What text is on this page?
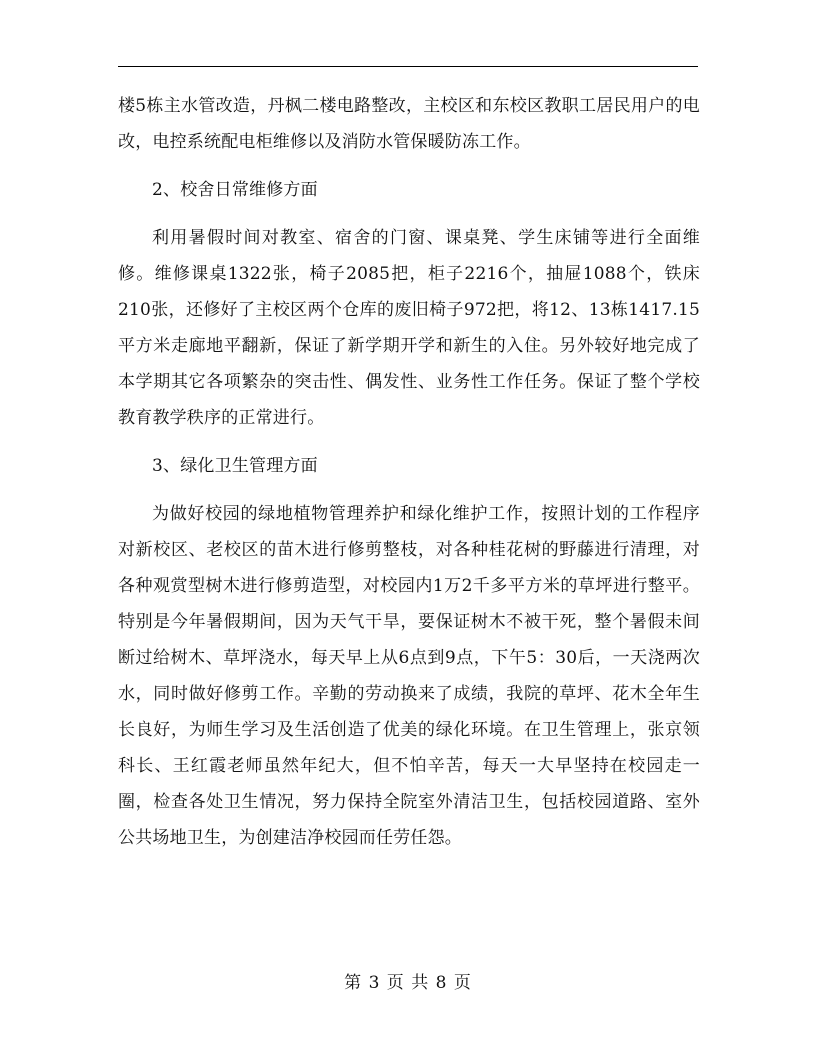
楼5栋主水管改造，丹枫二楼电路整改，主校区和东校区教职工居民用户的电改，电控系统配电柜维修以及消防水管保暖防冻工作。

2、校舍日常维修方面

利用暑假时间对教室、宿舍的门窗、课桌凳、学生床铺等进行全面维修。维修课桌1322张，椅子2085把，柜子2216个，抽屉1088个，铁床210张，还修好了主校区两个仓库的废旧椅子972把，将12、13栋1417.15平方米走廊地平翻新，保证了新学期开学和新生的入住。另外较好地完成了本学期其它各项繁杂的突击性、偶发性、业务性工作任务。保证了整个学校教育教学秩序的正常进行。

3、绿化卫生管理方面

为做好校园的绿地植物管理养护和绿化维护工作，按照计划的工作程序对新校区、老校区的苗木进行修剪整枝，对各种桂花树的野藤进行清理，对各种观赏型树木进行修剪造型，对校园内1万2千多平方米的草坪进行整平。特别是今年暑假期间，因为天气干旱，要保证树木不被干死，整个暑假未间断过给树木、草坪浇水，每天早上从6点到9点，下午5：30后，一天浇两次水，同时做好修剪工作。辛勤的劳动换来了成绩，我院的草坪、花木全年生长良好，为师生学习及生活创造了优美的绿化环境。在卫生管理上，张京领科长、王红霞老师虽然年纪大，但不怕辛苦，每天一大早坚持在校园走一圈，检查各处卫生情况，努力保持全院室外清洁卫生，包括校园道路、室外公共场地卫生，为创建洁净校园而任劳任怨。

第 3 页 共 8 页
